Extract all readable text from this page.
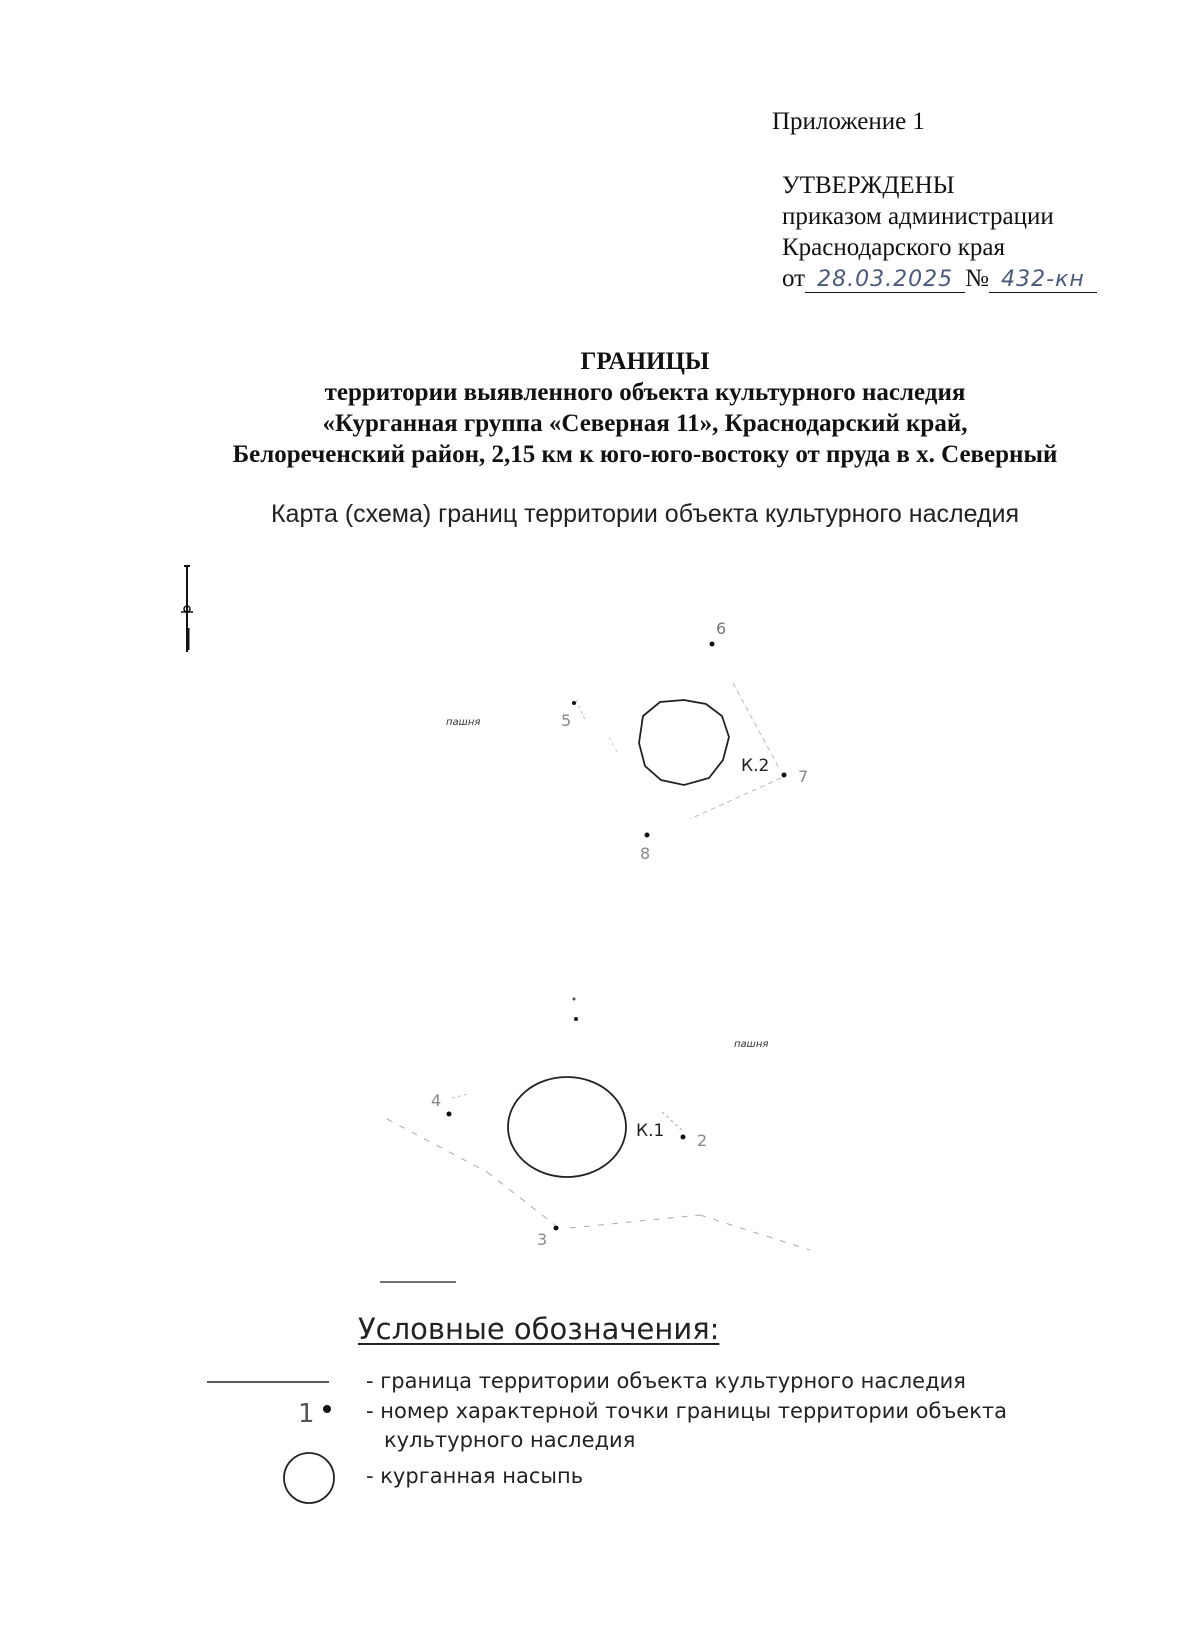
Приложение 1
УТВЕРЖДЕНЫ
приказом администрации
Краснодарского края
от 28.03.2025 № 432-кн
ГРАНИЦЫ
территории выявленного объекта культурного наследия
«Курганная группа «Северная 11», Краснодарский край,
Белореченский район, 2,15 км к юго-юго-востоку от пруда в х. Северный
Карта (схема) границ территории объекта культурного наследия
пашня
пашня
К.2
6
5
7
8
К.1
4
2
3
1
Условные обозначения:
- граница территории объекта культурного наследия
- номер характерной точки границы территории объекта
культурного наследия
- курганная насыпь
